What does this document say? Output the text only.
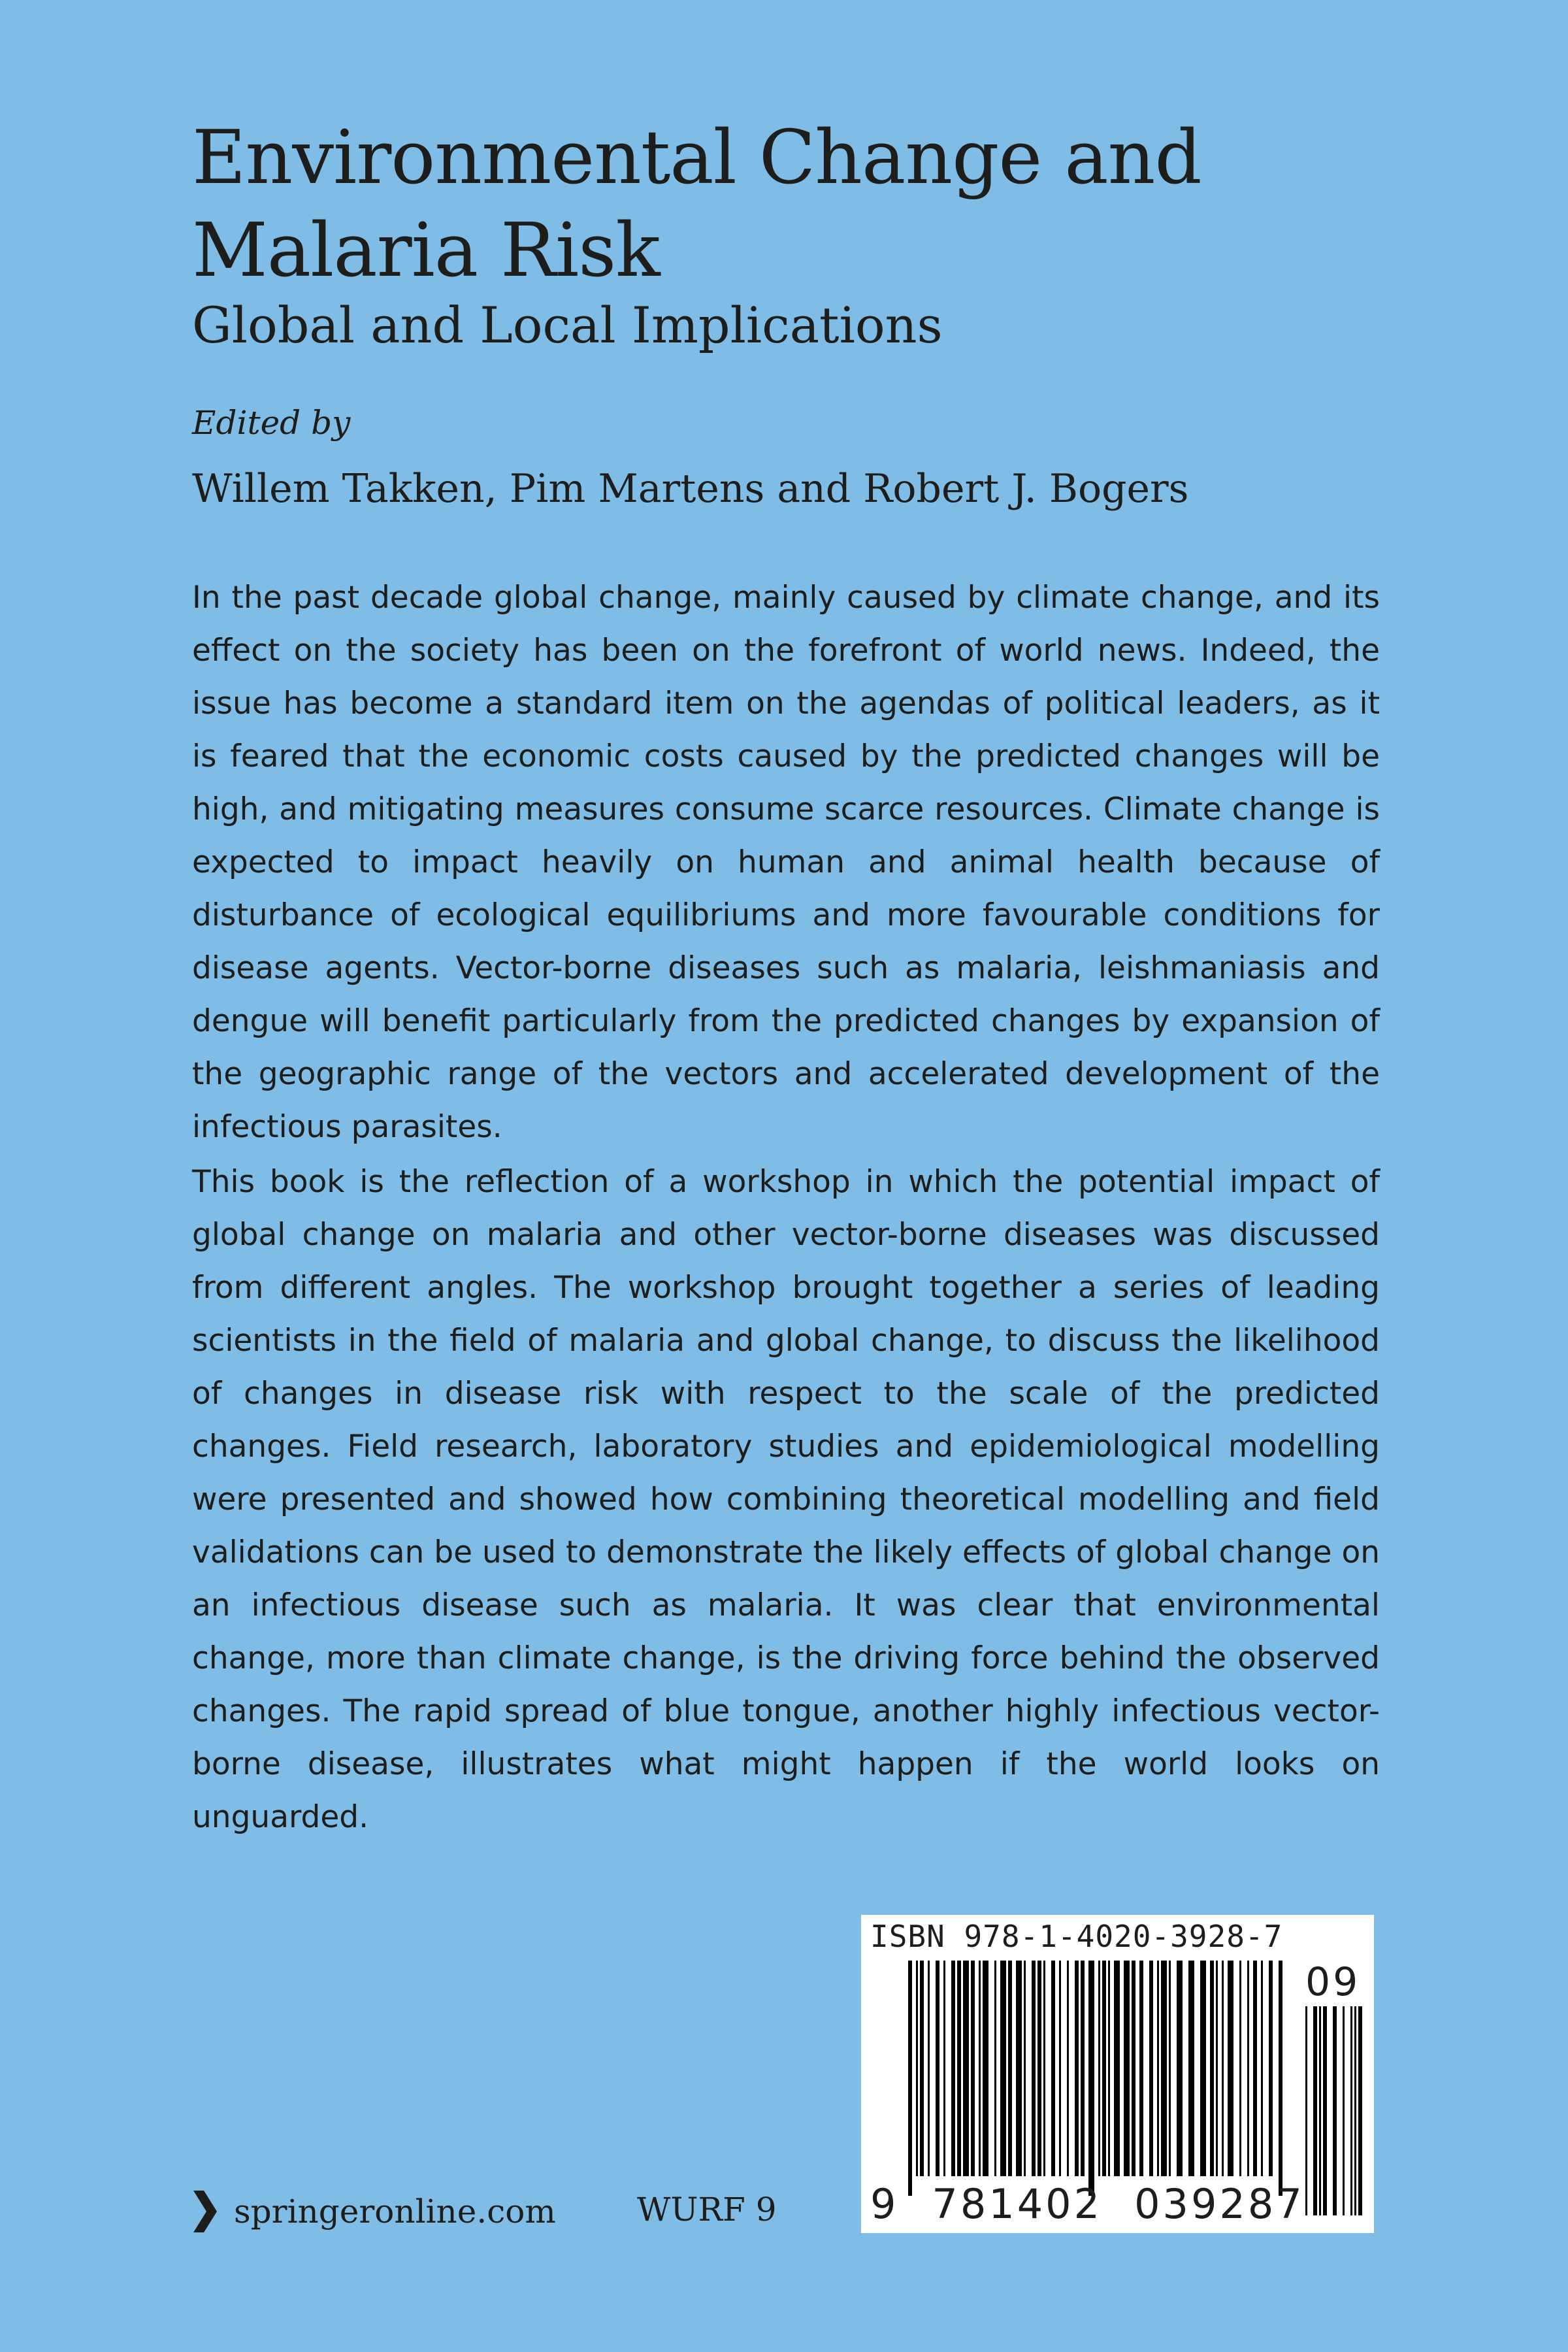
Environmental Change and
Malaria Risk
Global and Local Implications
Edited by
Willem Takken, Pim Martens and Robert J. Bogers

In the past decade global change, mainly caused by climate change, and its effect on the society has been on the forefront of world news. Indeed, the issue has become a standard item on the agendas of political leaders, as it is feared that the economic costs caused by the predicted changes will be high, and mitigating measures consume scarce resources. Climate change is expected to impact heavily on human and animal health because of disturbance of ecological equilibriums and more favourable conditions for disease agents. Vector-borne diseases such as malaria, leishmaniasis and dengue will benefit particularly from the predicted changes by expansion of the geographic range of the vectors and accelerated development of the infectious parasites.

This book is the reflection of a workshop in which the potential impact of global change on malaria and other vector-borne diseases was discussed from different angles. The workshop brought together a series of leading scientists in the field of malaria and global change, to discuss the likelihood of changes in disease risk with respect to the scale of the predicted changes. Field research, laboratory studies and epidemiological modelling were presented and showed how combining theoretical modelling and field validations can be used to demonstrate the likely effects of global change on an infectious disease such as malaria. It was clear that environmental change, more than climate change, is the driving force behind the observed changes. The rapid spread of blue tongue, another highly infectious vector-borne disease, illustrates what might happen if the world looks on unguarded.

springeronline.com WURF 9
ISBN 978-1-4020-3928-7
09
9 781402 039287
